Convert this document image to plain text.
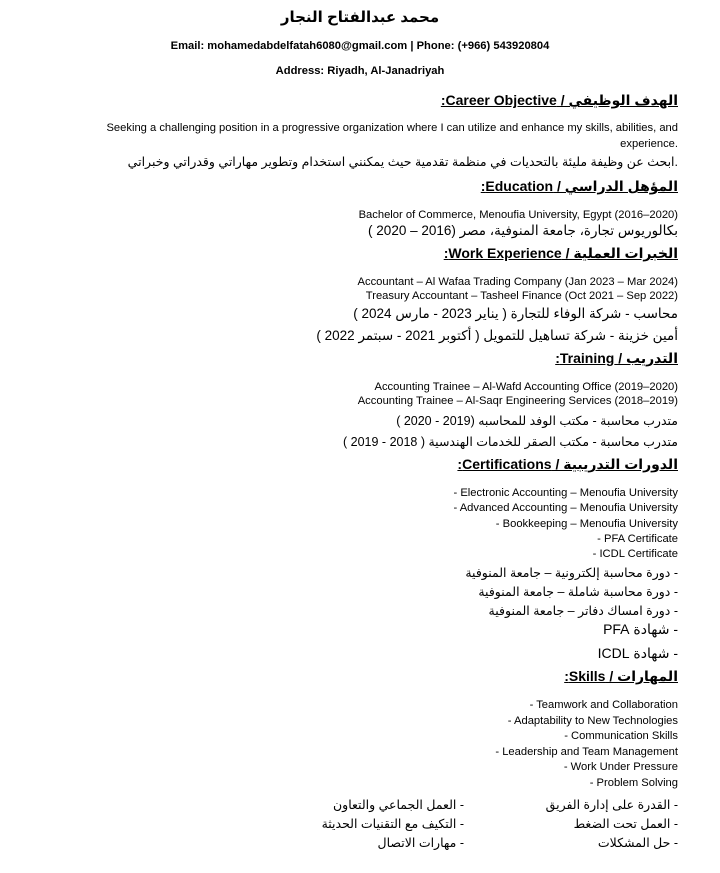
محمد عبدالفتاح النجار
Email: mohamedabdelfatah6080@gmail.com | Phone: (+966) 543920804
Address: Riyadh, Al-Janadriyah
الهدف الوظيفي / Career Objective:
Seeking a challenging position in a progressive organization where I can utilize and enhance my skills, abilities, and
experience.
.ابحث عن وظيفة مليئة بالتحديات في منظمة تقدمية حيث يمكنني استخدام وتطوير مهاراتي وقدراتي وخبراتي
المؤهل الدراسي / Education:
Bachelor of Commerce, Menoufia University, Egypt (2016–2020)
بكالوريوس تجارة، جامعة المنوفية، مصر (2016 – 2020 )
الخبرات العملية / Work Experience:
Accountant – Al Wafaa Trading Company (Jan 2023 – Mar 2024)
Treasury Accountant – Tasheel Finance (Oct 2021 – Sep 2022)
محاسب - شركة الوفاء للتجارة ( يناير 2023 - مارس 2024 )
أمين خزينة - شركة تساهيل للتمويل ( أكتوبر 2021 - سبتمر 2022 )
التدريب / Training:
Accounting Trainee – Al-Wafd Accounting Office (2019–2020)
Accounting Trainee – Al-Saqr Engineering Services (2018–2019)
متدرب محاسبة - مكتب الوفد للمحاسبه (2019 - 2020 )
متدرب محاسبة - مكتب الصقر للخدمات الهندسية ( 2018 - 2019 )
الدورات التدريبية / Certifications:
- Electronic Accounting – Menoufia University
- Advanced Accounting – Menoufia University
- Bookkeeping – Menoufia University
- PFA Certificate
- ICDL Certificate
- دورة محاسبة إلكترونية – جامعة المنوفية
- دورة محاسبة شاملة – جامعة المنوفية
- دورة امساك دفاتر – جامعة المنوفية
- شهادة PFA
- شهادة ICDL
المهارات / Skills:
- Teamwork and Collaboration
- Adaptability to New Technologies
- Communication Skills
- Leadership and Team Management
- Work Under Pressure
- Problem Solving
- القدرة على إدارة الفريق
- العمل تحت الضغط
- حل المشكلات
- العمل الجماعي والتعاون
- التكيف مع التقنيات الحديثة
- مهارات الاتصال
